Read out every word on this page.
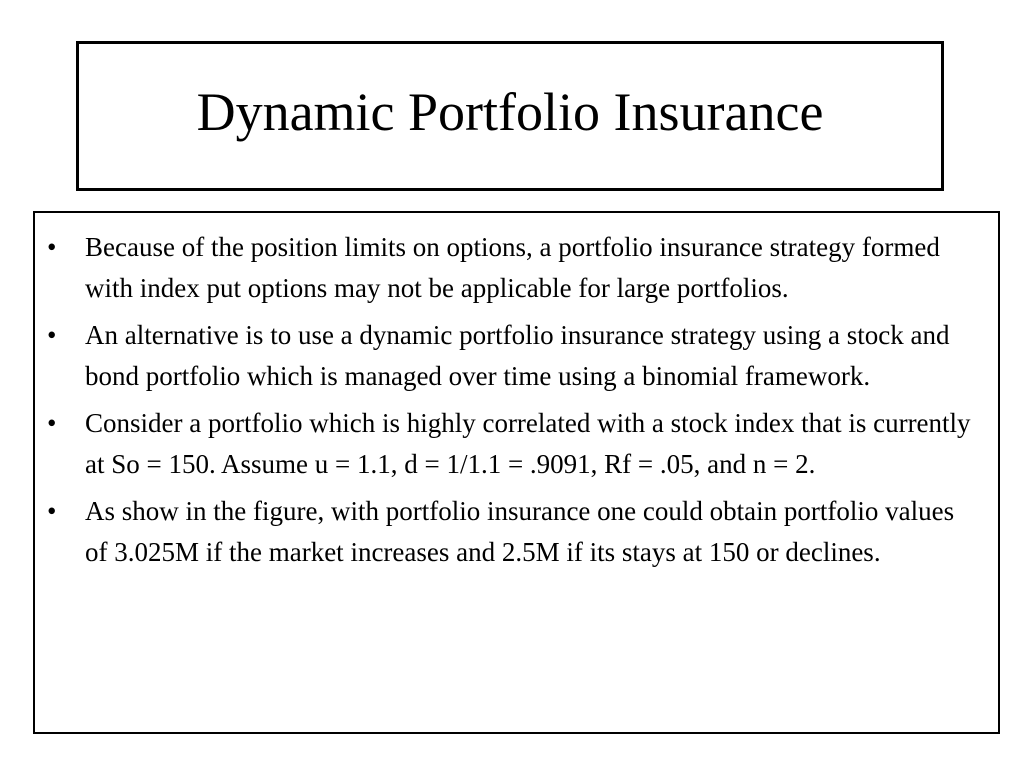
Dynamic Portfolio Insurance
•	Because of the position limits on options, a portfolio insurance strategy formed with index put options may not be applicable for large portfolios.
•	An alternative is to use a dynamic portfolio insurance strategy using a stock and bond portfolio which is managed over time using a binomial framework.
•	Consider a portfolio which is highly correlated with a stock index that is currently at So = 150. Assume u = 1.1, d = 1/1.1 = .9091, Rf = .05, and n = 2.
•	As show in the figure, with portfolio insurance one could obtain portfolio values of 3.025M if the market increases and 2.5M if its stays at 150 or declines.
